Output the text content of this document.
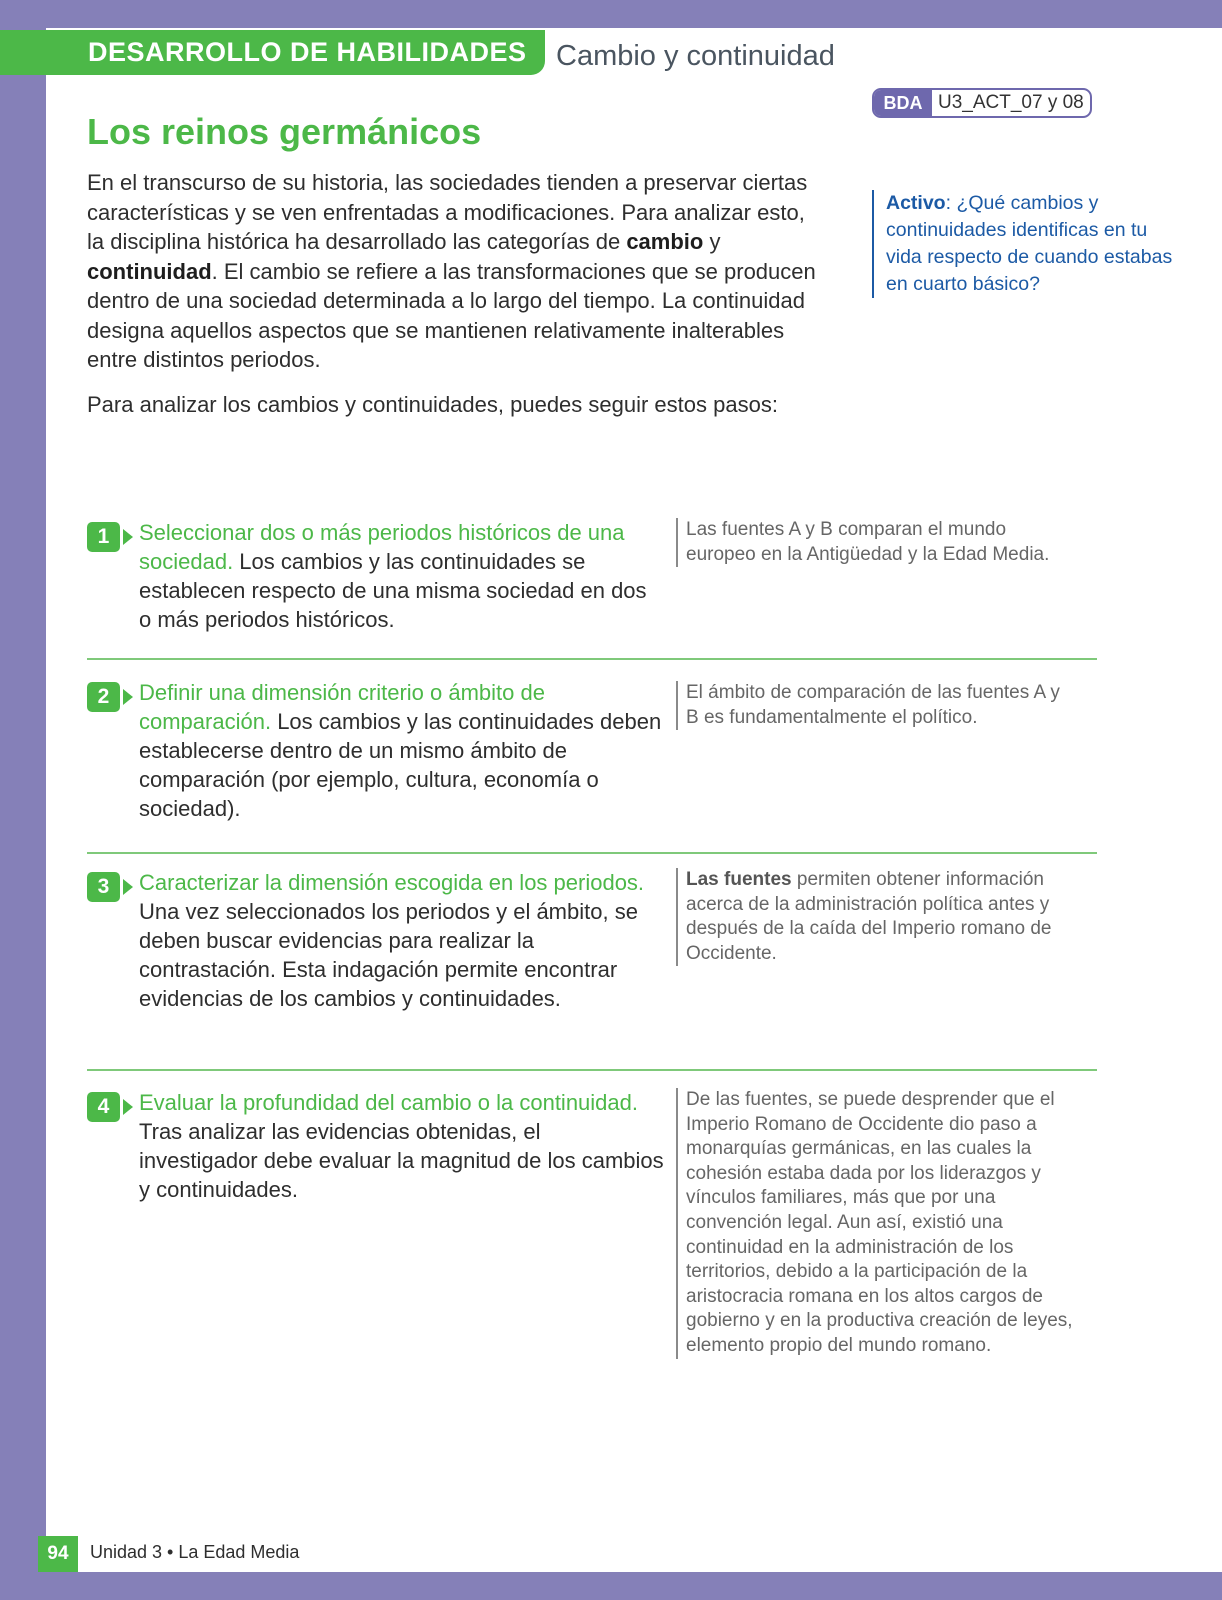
DESARROLLO DE HABILIDADES	Cambio y continuidad
BDA U3_ACT_07 y 08
Los reinos germánicos

En el transcurso de su historia, las sociedades tienden a preservar ciertas características y se ven enfrentadas a modificaciones. Para analizar esto, la disciplina histórica ha desarrollado las categorías de cambio y continuidad. El cambio se refiere a las transformaciones que se producen dentro de una sociedad determinada a lo largo del tiempo. La continuidad designa aquellos aspectos que se mantienen relativamente inalterables entre distintos periodos.

Para analizar los cambios y continuidades, puedes seguir estos pasos:

Activo: ¿Qué cambios y continuidades identificas en tu vida respecto de cuando estabas en cuarto básico?
1	Seleccionar dos o más periodos históricos de una sociedad. Los cambios y las continuidades se establecen respecto de una misma sociedad en dos o más periodos históricos.

Las fuentes A y B comparan el mundo europeo en la Antigüedad y la Edad Media.
2	Definir una dimensión criterio o ámbito de comparación. Los cambios y las continuidades deben establecerse dentro de un mismo ámbito de comparación (por ejemplo, cultura, economía o sociedad).

El ámbito de comparación de las fuentes A y B es fundamentalmente el político.
3	Caracterizar la dimensión escogida en los periodos. Una vez seleccionados los periodos y el ámbito, se deben buscar evidencias para realizar la contrastación. Esta indagación permite encontrar evidencias de los cambios y continuidades.

Las fuentes permiten obtener información acerca de la administración política antes y después de la caída del Imperio romano de Occidente.
4	Evaluar la profundidad del cambio o la continuidad. Tras analizar las evidencias obtenidas, el investigador debe evaluar la magnitud de los cambios y continuidades.

De las fuentes, se puede desprender que el Imperio Romano de Occidente dio paso a monarquías germánicas, en las cuales la cohesión estaba dada por los liderazgos y vínculos familiares, más que por una convención legal. Aun así, existió una continuidad en la administración de los territorios, debido a la participación de la aristocracia romana en los altos cargos de gobierno y en la productiva creación de leyes, elemento propio del mundo romano.
94	Unidad 3 • La Edad Media
